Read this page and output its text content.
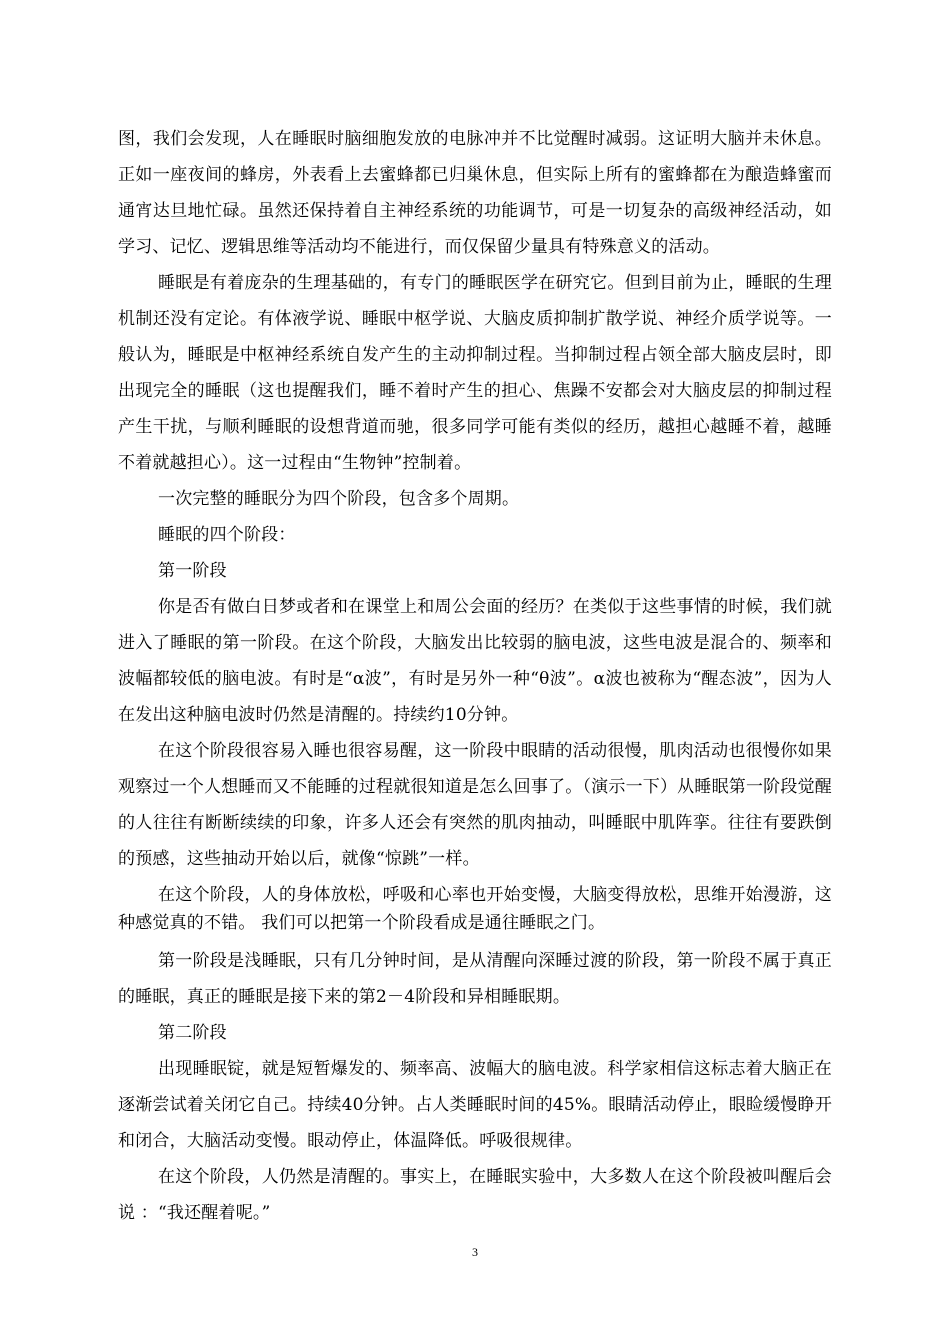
图，我们会发现，人在睡眠时脑细胞发放的电脉冲并不比觉醒时减弱。这证明大脑并未休息。正如一座夜间的蜂房，外表看上去蜜蜂都已归巢休息，但实际上所有的蜜蜂都在为酿造蜂蜜而通宵达旦地忙碌。虽然还保持着自主神经系统的功能调节，可是一切复杂的高级神经活动，如学习、记忆、逻辑思维等活动均不能进行，而仅保留少量具有特殊意义的活动。

睡眠是有着庞杂的生理基础的，有专门的睡眠医学在研究它。但到目前为止，睡眠的生理机制还没有定论。有体液学说、睡眠中枢学说、大脑皮质抑制扩散学说、神经介质学说等。一般认为，睡眠是中枢神经系统自发产生的主动抑制过程。当抑制过程占领全部大脑皮层时，即出现完全的睡眠（这也提醒我们，睡不着时产生的担心、焦躁不安都会对大脑皮层的抑制过程产生干扰，与顺利睡眠的设想背道而驰，很多同学可能有类似的经历，越担心越睡不着，越睡不着就越担心）。这一过程由“生物钟”控制着。

一次完整的睡眠分为四个阶段，包含多个周期。

睡眠的四个阶段：

第一阶段

你是否有做白日梦或者和在课堂上和周公会面的经历？在类似于这些事情的时候，我们就进入了睡眠的第一阶段。在这个阶段，大脑发出比较弱的脑电波，这些电波是混合的、频率和波幅都较低的脑电波。有时是“α波”，有时是另外一种“θ波”。α波也被称为“醒态波”，因为人在发出这种脑电波时仍然是清醒的。持续约10分钟。

在这个阶段很容易入睡也很容易醒，这一阶段中眼睛的活动很慢，肌肉活动也很慢你如果观察过一个人想睡而又不能睡的过程就很知道是怎么回事了。（演示一下）从睡眠第一阶段觉醒的人往往有断断续续的印象，许多人还会有突然的肌肉抽动，叫睡眠中肌阵挛。往往有要跌倒的预感，这些抽动开始以后，就像“惊跳”一样。

在这个阶段，人的身体放松，呼吸和心率也开始变慢，大脑变得放松，思维开始漫游，这种感觉真的不错。 我们可以把第一个阶段看成是通往睡眠之门。

第一阶段是浅睡眠，只有几分钟时间，是从清醒向深睡过渡的阶段，第一阶段不属于真正的睡眠，真正的睡眠是接下来的第2－4阶段和异相睡眠期。

第二阶段

出现睡眠锭，就是短暂爆发的、频率高、波幅大的脑电波。科学家相信这标志着大脑正在逐渐尝试着关闭它自己。持续40分钟。占人类睡眠时间的45%。眼睛活动停止，眼睑缓慢睁开和闭合，大脑活动变慢。眼动停止，体温降低。呼吸很规律。

在这个阶段，人仍然是清醒的。事实上，在睡眠实验中，大多数人在这个阶段被叫醒后会 说 ：“我还醒着呢。”

3
